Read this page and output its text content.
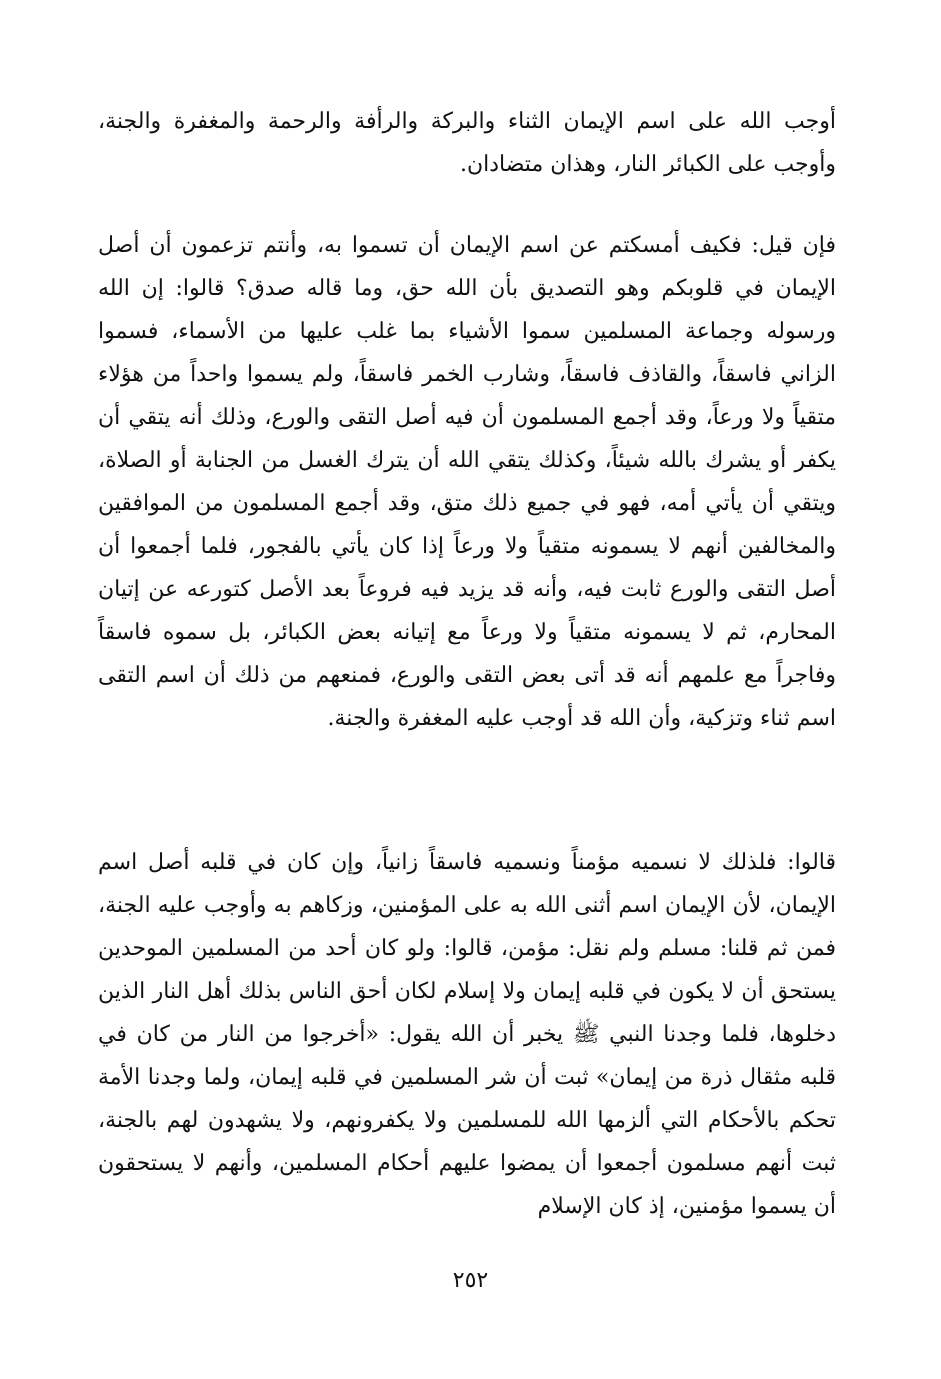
أوجب الله على اسم الإيمان الثناء والبركة والرأفة والرحمة والمغفرة والجنة، وأوجب على الكبائر النار، وهذان متضادان.

فإن قيل: فكيف أمسكتم عن اسم الإيمان أن تسموا به، وأنتم تزعمون أن أصل الإيمان في قلوبكم وهو التصديق بأن الله حق، وما قاله صدق؟ قالوا: إن الله ورسوله وجماعة المسلمين سموا الأشياء بما غلب عليها من الأسماء، فسموا الزاني فاسقاً، والقاذف فاسقاً، وشارب الخمر فاسقاً، ولم يسموا واحداً من هؤلاء متقياً ولا ورعاً، وقد أجمع المسلمون أن فيه أصل التقى والورع، وذلك أنه يتقي أن يكفر أو يشرك بالله شيئاً، وكذلك يتقي الله أن يترك الغسل من الجنابة أو الصلاة، ويتقي أن يأتي أمه، فهو في جميع ذلك متق، وقد أجمع المسلمون من الموافقين والمخالفين أنهم لا يسمونه متقياً ولا ورعاً إذا كان يأتي بالفجور، فلما أجمعوا أن أصل التقى والورع ثابت فيه، وأنه قد يزيد فيه فروعاً بعد الأصل كتورعه عن إتيان المحارم، ثم لا يسمونه متقياً ولا ورعاً مع إتيانه بعض الكبائر، بل سموه فاسقاً وفاجراً مع علمهم أنه قد أتى بعض التقى والورع، فمنعهم من ذلك أن اسم التقى اسم ثناء وتزكية، وأن الله قد أوجب عليه المغفرة والجنة.

قالوا: فلذلك لا نسميه مؤمناً ونسميه فاسقاً زانياً، وإن كان في قلبه أصل اسم الإيمان، لأن الإيمان اسم أثنى الله به على المؤمنين، وزكاهم به وأوجب عليه الجنة، فمن ثم قلنا: مسلم ولم نقل: مؤمن، قالوا: ولو كان أحد من المسلمين الموحدين يستحق أن لا يكون في قلبه إيمان ولا إسلام لكان أحق الناس بذلك أهل النار الذين دخلوها، فلما وجدنا النبي ﷺ يخبر أن الله يقول: «أخرجوا من النار من كان في قلبه مثقال ذرة من إيمان» ثبت أن شر المسلمين في قلبه إيمان، ولما وجدنا الأمة تحكم بالأحكام التي ألزمها الله للمسلمين ولا يكفرونهم، ولا يشهدون لهم بالجنة، ثبت أنهم مسلمون أجمعوا أن يمضوا عليهم أحكام المسلمين، وأنهم لا يستحقون أن يسموا مؤمنين، إذ كان الإسلام

٢٥٢
